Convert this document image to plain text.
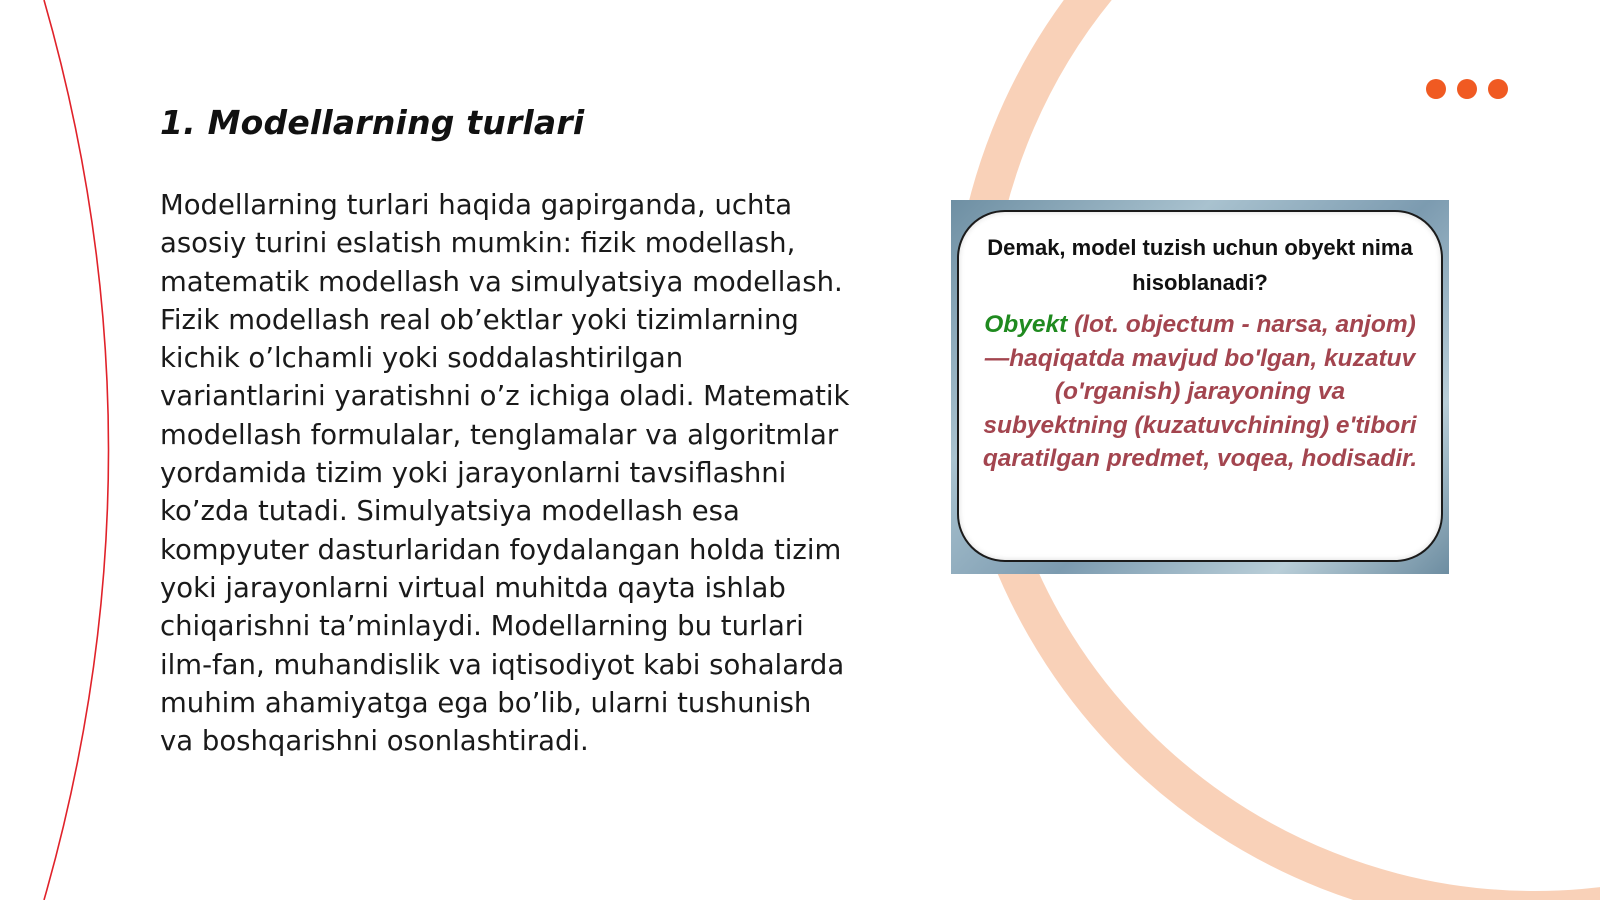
1. Modellarning turlari

Modellarning turlari haqida gapirganda, uchta asosiy turini eslatish mumkin: fizik modellash, matematik modellash va simulyatsiya modellash. Fizik modellash real ob’ektlar yoki tizimlarning kichik o’lchamli yoki soddalashtirilgan variantlarini yaratishni o’z ichiga oladi. Matematik modellash formulalar, tenglamalar va algoritmlar yordamida tizim yoki jarayonlarni tavsiflashni ko’zda tutadi. Simulyatsiya modellash esa kompyuter dasturlaridan foydalangan holda tizim yoki jarayonlarni virtual muhitda qayta ishlab chiqarishni ta’minlaydi. Modellarning bu turlari ilm-fan, muhandislik va iqtisodiyot kabi sohalarda muhim ahamiyatga ega bo’lib, ularni tushunish va boshqarishni osonlashtiradi.

Demak, model tuzish uchun obyekt nima hisoblanadi?

Obyekt (lot. objectum - narsa, anjom) —haqiqatda mavjud bo'lgan, kuzatuv (o'rganish) jarayoning va subyektning (kuzatuvchining) e'tibori qaratilgan predmet, voqea, hodisadir.
